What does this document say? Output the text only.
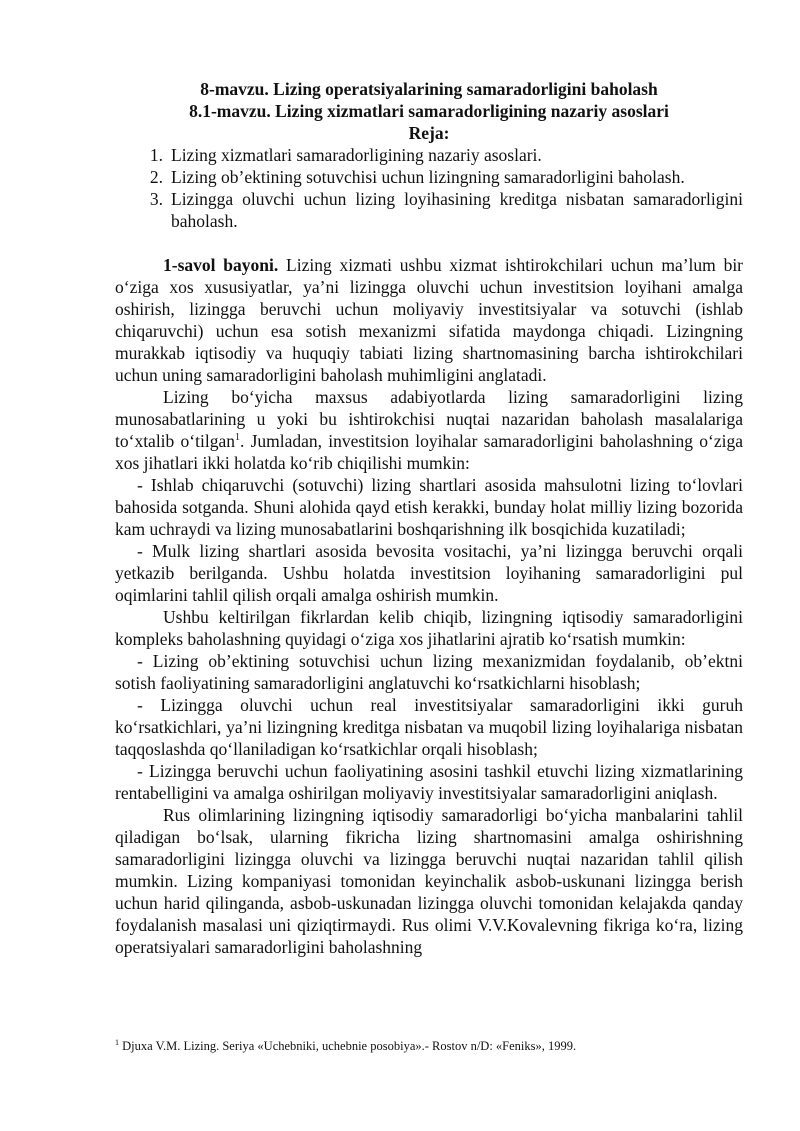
8-mavzu. Lizing operatsiyalarining samaradorligini baholash

8.1-mavzu. Lizing xizmatlari samaradorligining nazariy asoslari

Reja:

1. Lizing xizmatlari samaradorligining nazariy asoslari.
2. Lizing ob’ektining sotuvchisi uchun lizingning samaradorligini baholash.
3. Lizingga oluvchi uchun lizing loyihasining kreditga nisbatan samaradorligini baholash.

1-savol bayoni. Lizing xizmati ushbu xizmat ishtirokchilari uchun ma’lum bir o‘ziga xos xususiyatlar, ya’ni lizingga oluvchi uchun investitsion loyihani amalga oshirish, lizingga beruvchi uchun moliyaviy investitsiyalar va sotuvchi (ishlab chiqaruvchi) uchun esa sotish mexanizmi sifatida maydonga chiqadi. Lizingning murakkab iqtisodiy va huquqiy tabiati lizing shartnomasining barcha ishtirokchilari uchun uning samaradorligini baholash muhimligini anglatadi.

Lizing bo‘yicha maxsus adabiyotlarda lizing samaradorligini lizing munosabatlarining u yoki bu ishtirokchisi nuqtai nazaridan baholash masalalariga to‘xtalib o‘tilgan$^1$. Jumladan, investitsion loyihalar samaradorligini baholashning o‘ziga xos jihatlari ikki holatda ko‘rib chiqilishi mumkin:

- Ishlab chiqaruvchi (sotuvchi) lizing shartlari asosida mahsulotni lizing to‘lovlari bahosida sotganda. Shuni alohida qayd etish kerakki, bunday holat milliy lizing bozorida kam uchraydi va lizing munosabatlarini boshqarishning ilk bosqichida kuzatiladi;

- Mulk lizing shartlari asosida bevosita vositachi, ya’ni lizingga beruvchi orqali yetkazib berilganda. Ushbu holatda investitsion loyihaning samaradorligini pul oqimlarini tahlil qilish orqali amalga oshirish mumkin.

Ushbu keltirilgan fikrlardan kelib chiqib, lizingning iqtisodiy samaradorligini kompleks baholashning quyidagi o‘ziga xos jihatlarini ajratib ko‘rsatish mumkin:

- Lizing ob’ektining sotuvchisi uchun lizing mexanizmidan foydalanib, ob’ektni sotish faoliyatining samaradorligini anglatuvchi ko‘rsatkichlarni hisoblash;

- Lizingga oluvchi uchun real investitsiyalar samaradorligini ikki guruh ko‘rsatkichlari, ya’ni lizingning kreditga nisbatan va muqobil lizing loyihalariga nisbatan taqqoslashda qo‘llaniladigan ko‘rsatkichlar orqali hisoblash;

- Lizingga beruvchi uchun faoliyatining asosini tashkil etuvchi lizing xizmatlarining rentabelligini va amalga oshirilgan moliyaviy investitsiyalar samaradorligini aniqlash.

Rus olimlarining lizingning iqtisodiy samaradorligi bo‘yicha manbalarini tahlil qiladigan bo‘lsak, ularning fikricha lizing shartnomasini amalga oshirishning samaradorligini lizingga oluvchi va lizingga beruvchi nuqtai nazaridan tahlil qilish mumkin. Lizing kompaniyasi tomonidan keyinchalik asbob-uskunani lizingga berish uchun harid qilinganda, asbob-uskunadan lizingga oluvchi tomonidan kelajakda qanday foydalanish masalasi uni qiziqtirmaydi. Rus olimi V.V.Kovalevning fikriga ko‘ra, lizing operatsiyalari samaradorligini baholashning

$^1$ Djuxa V.M. Lizing. Seriya «Uchebniki, uchebnie posobiya».- Rostov n/D: «Feniks», 1999.
